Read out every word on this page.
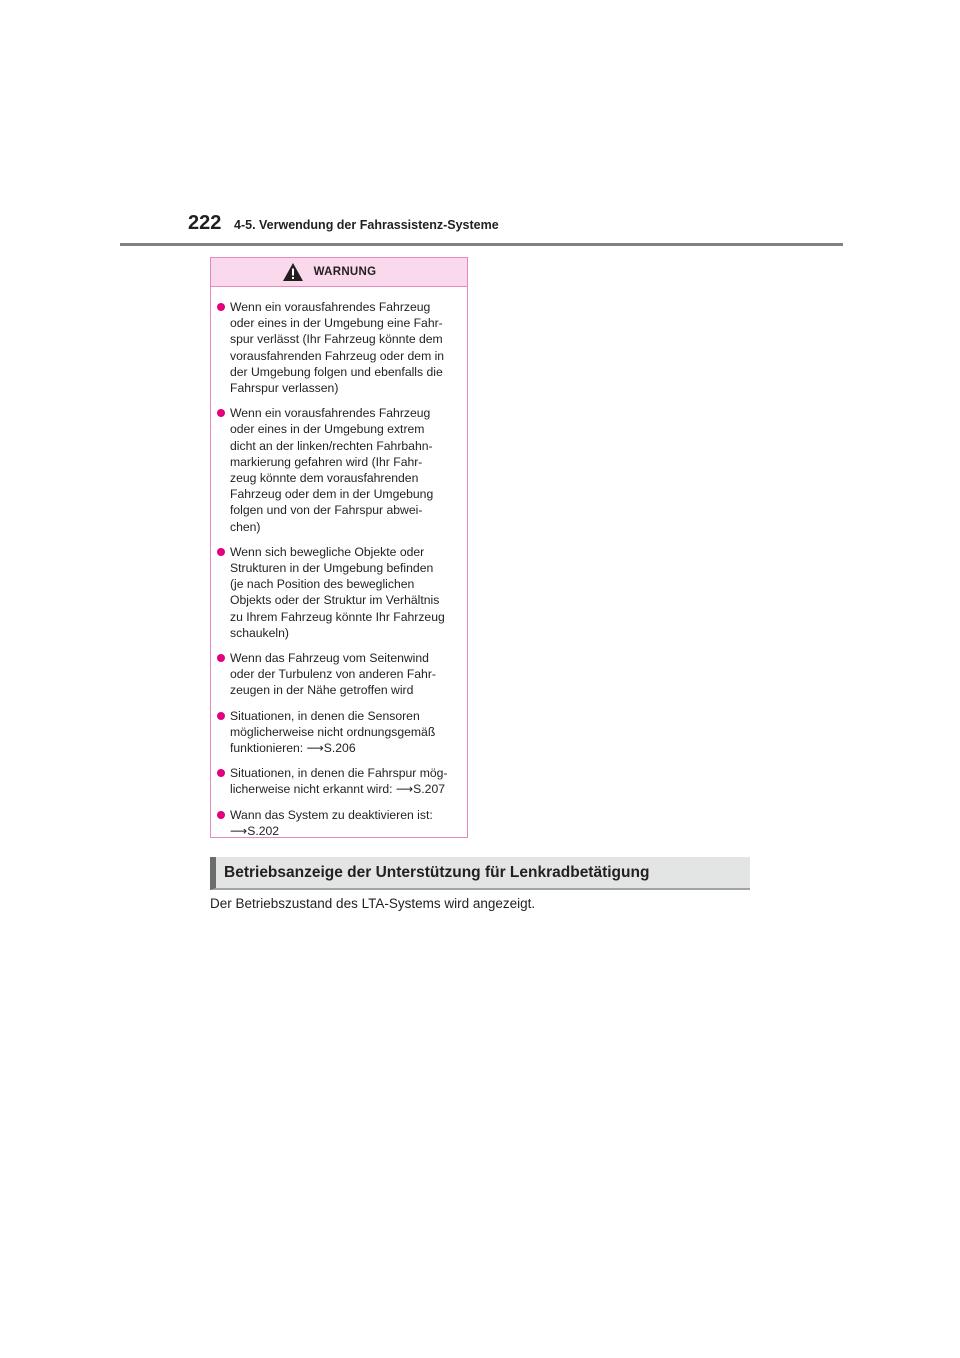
222	4-5. Verwendung der Fahrassistenz-Systeme
WARNUNG
Wenn ein vorausfahrendes Fahrzeug
oder eines in der Umgebung eine Fahr-
spur verlässt (Ihr Fahrzeug könnte dem
vorausfahrenden Fahrzeug oder dem in
der Umgebung folgen und ebenfalls die
Fahrspur verlassen)
Wenn ein vorausfahrendes Fahrzeug
oder eines in der Umgebung extrem
dicht an der linken/rechten Fahrbahn-
markierung gefahren wird (Ihr Fahr-
zeug könnte dem vorausfahrenden
Fahrzeug oder dem in der Umgebung
folgen und von der Fahrspur abwei-
chen)
Wenn sich bewegliche Objekte oder
Strukturen in der Umgebung befinden
(je nach Position des beweglichen
Objekts oder der Struktur im Verhältnis
zu Ihrem Fahrzeug könnte Ihr Fahrzeug
schaukeln)
Wenn das Fahrzeug vom Seitenwind
oder der Turbulenz von anderen Fahr-
zeugen in der Nähe getroffen wird
Situationen, in denen die Sensoren
möglicherweise nicht ordnungsgemäß
funktionieren: ⟶S.206
Situationen, in denen die Fahrspur mög-
licherweise nicht erkannt wird: ⟶S.207
Wann das System zu deaktivieren ist:
⟶S.202
Betriebsanzeige der Unterstützung für Lenkradbetätigung
Der Betriebszustand des LTA-Systems wird angezeigt.
